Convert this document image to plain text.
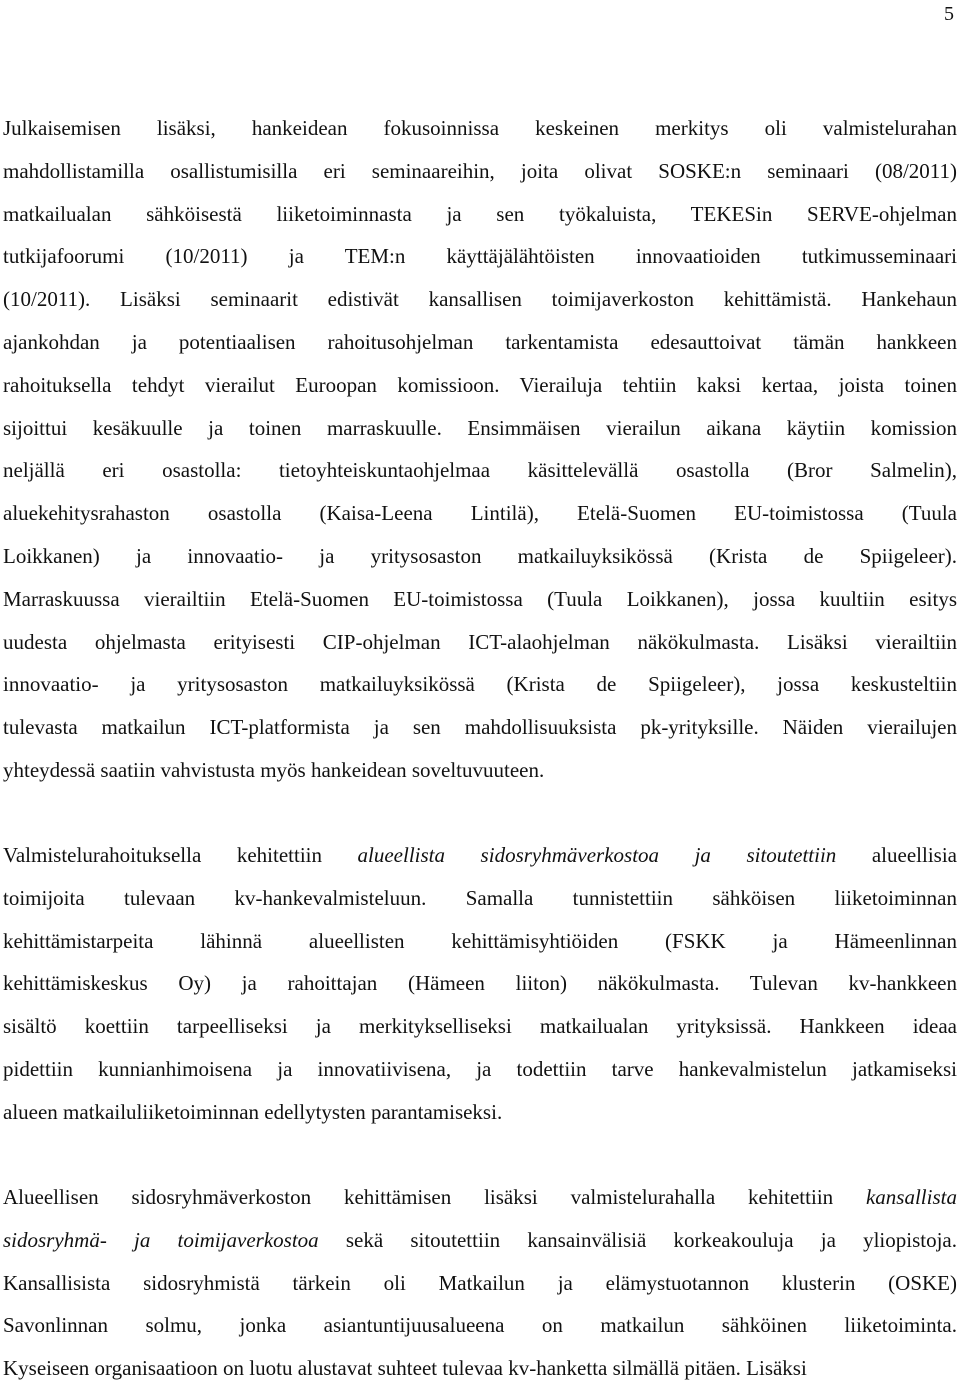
5
Julkaisemisen lisäksi, hankeidean fokusoinnissa keskeinen merkitys oli valmistelurahan
mahdollistamilla osallistumisilla eri seminaareihin, joita olivat SOSKE:n seminaari (08/2011)
matkailualan sähköisestä liiketoiminnasta ja sen työkaluista, TEKESin SERVE-ohjelman
tutkijafoorumi (10/2011) ja TEM:n käyttäjälähtöisten innovaatioiden tutkimusseminaari
(10/2011). Lisäksi seminaarit edistivät kansallisen toimijaverkoston kehittämistä. Hankehaun
ajankohdan ja potentiaalisen rahoitusohjelman tarkentamista edesauttoivat tämän hankkeen
rahoituksella tehdyt vierailut Euroopan komissioon. Vierailuja tehtiin kaksi kertaa, joista toinen
sijoittui kesäkuulle ja toinen marraskuulle. Ensimmäisen vierailun aikana käytiin komission
neljällä eri osastolla: tietoyhteiskuntaohjelmaa käsittelevällä osastolla (Bror Salmelin),
aluekehitysrahaston osastolla (Kaisa-Leena Lintilä), Etelä-Suomen EU-toimistossa (Tuula
Loikkanen) ja innovaatio- ja yritysosaston matkailuyksikössä (Krista de Spiigeleer).
Marraskuussa vierailtiin Etelä-Suomen EU-toimistossa (Tuula Loikkanen), jossa kuultiin esitys
uudesta ohjelmasta erityisesti CIP-ohjelman ICT-alaohjelman näkökulmasta. Lisäksi vierailtiin
innovaatio- ja yritysosaston matkailuyksikössä (Krista de Spiigeleer), jossa keskusteltiin
tulevasta matkailun ICT-platformista ja sen mahdollisuuksista pk-yrityksille. Näiden vierailujen
yhteydessä saatiin vahvistusta myös hankeidean soveltuvuuteen.
Valmistelurahoituksella kehitettiin alueellista sidosryhmäverkostoa ja sitoutettiin alueellisia
toimijoita tulevaan kv-hankevalmisteluun. Samalla tunnistettiin sähköisen liiketoiminnan
kehittämistarpeita lähinnä alueellisten kehittämisyhtiöiden (FSKK ja Hämeenlinnan
kehittämiskeskus Oy) ja rahoittajan (Hämeen liiton) näkökulmasta. Tulevan kv-hankkeen
sisältö koettiin tarpeelliseksi ja merkitykselliseksi matkailualan yrityksissä. Hankkeen ideaa
pidettiin kunnianhimoisena ja innovatiivisena, ja todettiin tarve hankevalmistelun jatkamiseksi
alueen matkailuliiketoiminnan edellytysten parantamiseksi.
Alueellisen sidosryhmäverkoston kehittämisen lisäksi valmistelurahalla kehitettiin kansallista
sidosryhmä- ja toimijaverkostoa sekä sitoutettiin kansainvälisiä korkeakouluja ja yliopistoja.
Kansallisista sidosryhmistä tärkein oli Matkailun ja elämystuotannon klusterin (OSKE)
Savonlinnan solmu, jonka asiantuntijuusalueena on matkailun sähköinen liiketoiminta.
Kyseiseen organisaatioon on luotu alustavat suhteet tulevaa kv-hanketta silmällä pitäen. Lisäksi
